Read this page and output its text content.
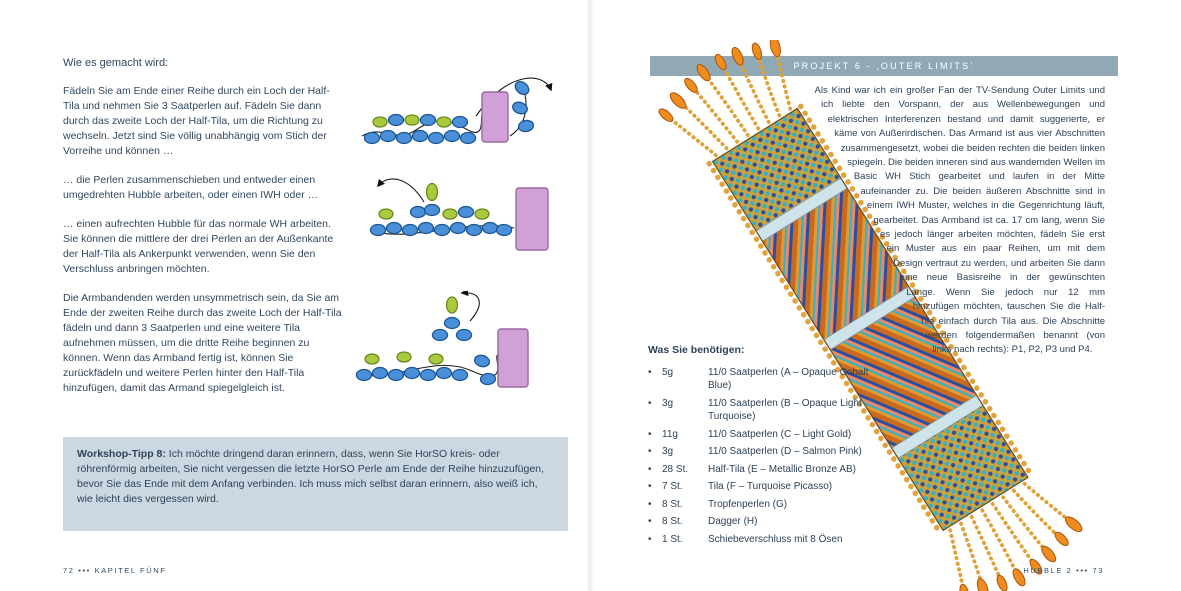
Wie es gemacht wird:

Fädeln Sie am Ende einer Reihe durch ein Loch der Half-Tila und nehmen Sie 3 Saatperlen auf. Fädeln Sie dann durch das zweite Loch der Half-Tila, um die Richtung zu wechseln. Jetzt sind Sie völlig unabhängig vom Stich der Vorreihe und können …

… die Perlen zusammenschieben und entweder einen umgedrehten Hubble arbeiten, oder einen IWH oder …

… einen aufrechten Hubble für das normale WH arbeiten. Sie können die mittlere der drei Perlen an der Außenkante der Half-Tila als Ankerpunkt verwenden, wenn Sie den Verschluss anbringen möchten.

Die Armbandenden werden unsymmetrisch sein, da Sie am Ende der zweiten Reihe durch das zweite Loch der Half-Tila fädeln und dann 3 Saatperlen und eine weitere Tila aufnehmen müssen, um die dritte Reihe beginnen zu können. Wenn das Armband fertig ist, können Sie zurückfädeln und weitere Perlen hinter den Half-Tila hinzufügen, damit das Armand spiegelgleich ist.

Workshop-Tipp 8: Ich möchte dringend daran erinnern, dass, wenn Sie HorSO kreis- oder röhrenförmig arbeiten, Sie nicht vergessen die letzte HorSO Perle am Ende der Reihe hinzuzufügen, bevor Sie das Ende mit dem Anfang verbinden. Ich muss mich selbst daran erinnern, also weiß ich, wie leicht dies vergessen wird.
72 ••• KAPITEL FÜNF
PROJEKT 6 - ‚OUTER LIMITS’
Als Kind war ich ein großer Fan der TV-Sendung Outer Limits und ich liebte den Vorspann, der aus Wellenbewegungen und elektrischen Interferenzen bestand und damit suggerierte, er käme von Außerirdischen. Das Armand ist aus vier Abschnitten zusammengesetzt, wobei die beiden rechten die beiden linken spiegeln. Die beiden inneren sind aus wandernden Wellen im Basic WH Stich gearbeitet und laufen in der Mitte aufeinander zu. Die beiden äußeren Abschnitte sind in einem IWH Muster, welches in die Gegenrichtung läuft, gearbeitet. Das Armband ist ca. 17 cm lang, wenn Sie es jedoch länger arbeiten möchten, fädeln Sie erst ein Muster aus ein paar Reihen, um mit dem Design vertraut zu werden, und arbeiten Sie dann eine neue Basisreihe in der gewünschten Länge. Wenn Sie jedoch nur 12 mm hinzufügen möchten, tauschen Sie die Half-Tila einfach durch Tila aus. Die Abschnitte werden folgendermaßen benannt (von links nach rechts): P1, P2, P3 und P4.
Was Sie benötigen:
•	5g	11/0 Saatperlen (A – Opaque Cobalt Blue)
•	3g	11/0 Saatperlen (B – Opaque Light Turquoise)
•	11g	11/0 Saatperlen (C – Light Gold)
•	3g	11/0 Saatperlen (D – Salmon Pink)
•	28 St.	Half-Tila (E – Metallic Bronze AB)
•	7 St.	Tila (F – Turquoise Picasso)
•	8 St.	Tropfenperlen (G)
•	8 St.	Dagger (H)
•	1 St.	Schiebeverschluss mit 8 Ösen
HUBBLE 2 ••• 73
